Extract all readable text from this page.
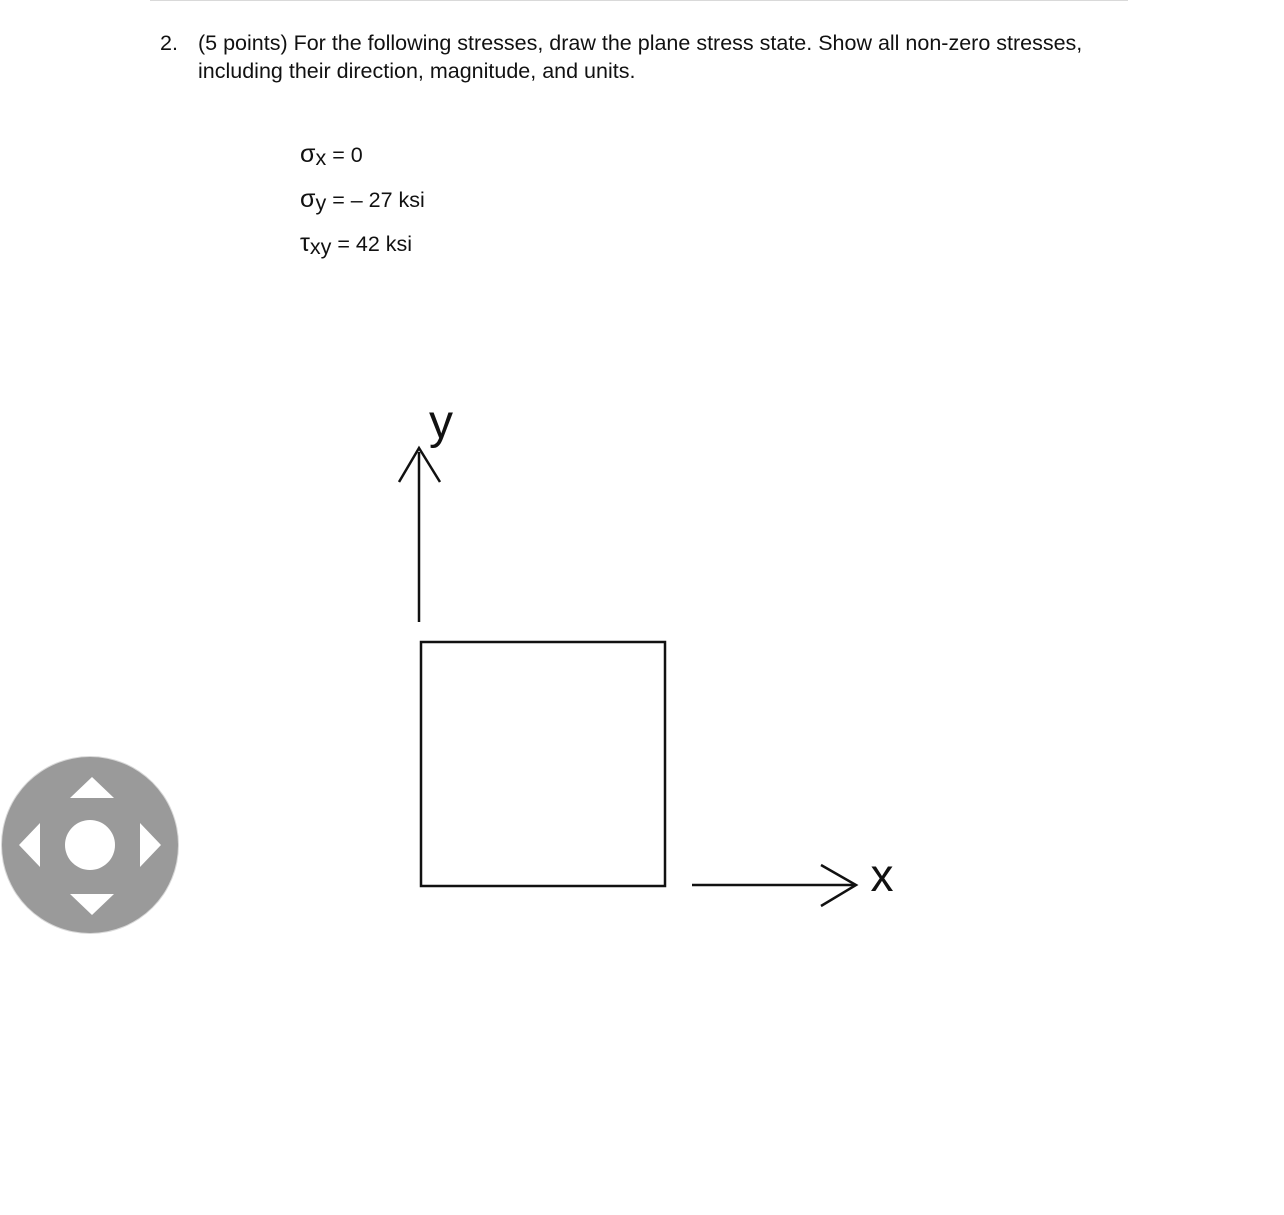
2. (5 points) For the following stresses, draw the plane stress state. Show all non-zero stresses,
including their direction, magnitude, and units.
σx = 0
σy = – 27 ksi
τxy = 42 ksi
y
x
